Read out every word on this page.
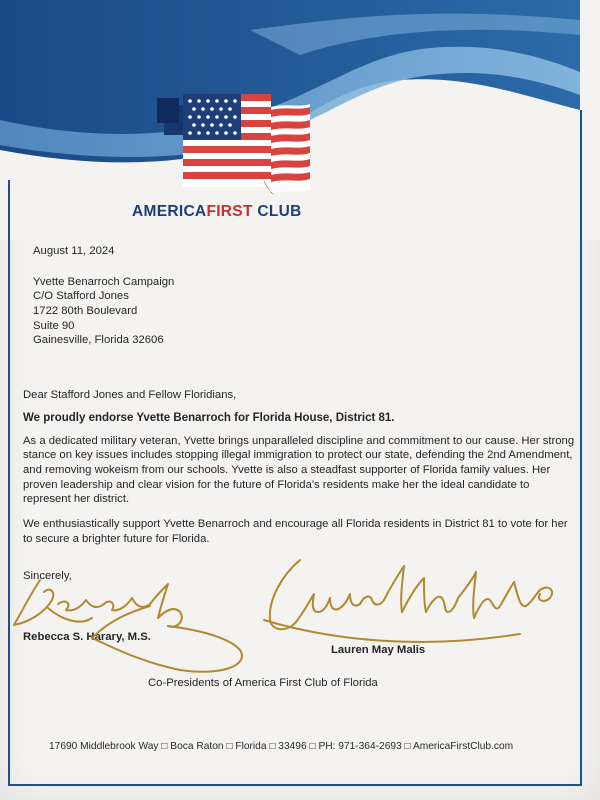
AMERICAFIRST CLUB
August 11, 2024
Yvette Benarroch Campaign
C/O Stafford Jones
1722 80th Boulevard
Suite 90
Gainesville, Florida 32606
Dear Stafford Jones and Fellow Floridians,
We proudly endorse Yvette Benarroch for Florida House, District 81.
As a dedicated military veteran, Yvette brings unparalleled discipline and commitment to our cause. Her strong stance on key issues includes stopping illegal immigration to protect our state, defending the 2nd Amendment, and removing wokeism from our schools. Yvette is also a steadfast supporter of Florida family values. Her proven leadership and clear vision for the future of Florida's residents make her the ideal candidate to represent her district.
We enthusiastically support Yvette Benarroch and encourage all Florida residents in District 81 to vote for her to secure a brighter future for Florida.
Sincerely,
Rebecca S. Harary, M.S.
Lauren May Malis
Co-Presidents of America First Club of Florida
17690 Middlebrook Way □ Boca Raton □ Florida □ 33496 □ PH: 971-364-2693 □ AmericaFirstClub.com
